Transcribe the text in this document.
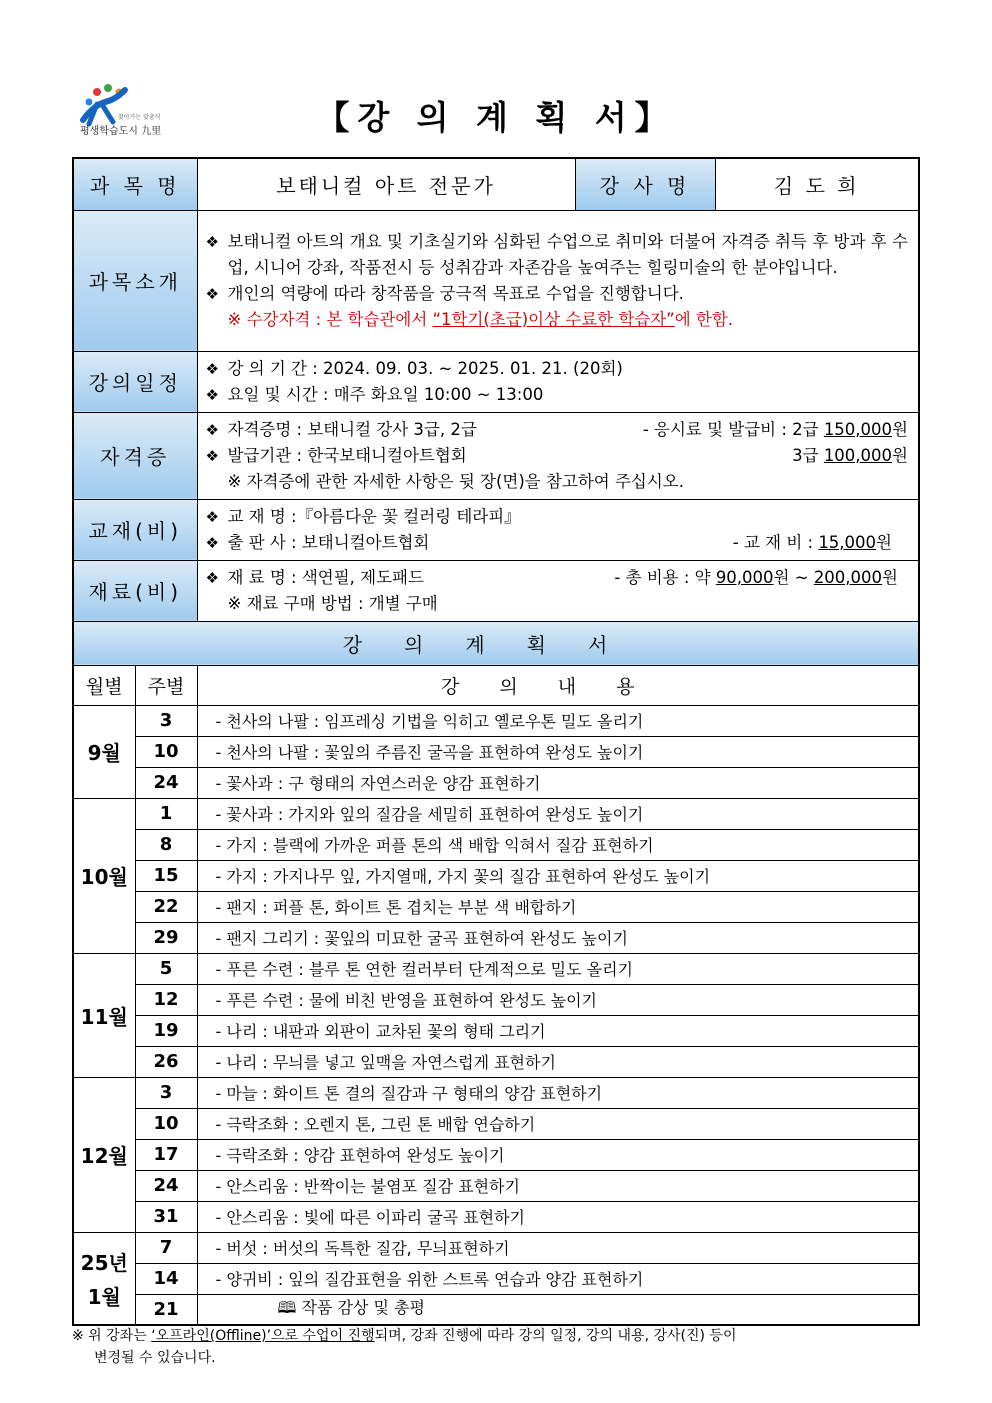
찾아가는 맞춤식
평생학습도시 九里	【강 의 계 획 서】
과 목 명		보태니컬 아트 전문가	강 사 명	김 도 희
과목소개		❖ 보태니컬 아트의 개요 및 기초실기와 심화된 수업으로 취미와 더불어 자격증 취득 후 방과 후 수업, 시니어 강좌, 작품전시 등 성취감과 자존감을 높여주는 힐링미술의 한 분야입니다.
❖ 개인의 역량에 따라 창작품을 궁극적 목표로 수업을 진행합니다.
※ 수강자격 : 본 학습관에서 “1학기(초급)이상 수료한 학습자”에 한함.

강의일정		❖ 강 의 기 간 : 2024. 09. 03. ~ 2025. 01. 21. (20회)
❖ 요일 및 시간 : 매주 화요일 10:00 ~ 13:00

자격증		❖ 자격증명 : 보태니컬 강사 3급, 2급 - 응시료 및 발급비 : 2급 150,000원
❖ 발급기관 : 한국보태니컬아트협회 3급 100,000원
※ 자격증에 관한 자세한 사항은 뒷 장(면)을 참고하여 주십시오.

교재(비)		❖ 교 재 명 :『아름다운 꽃 컬러링 테라피』
❖ 출 판 사 : 보태니컬아트협회 - 교 재 비 : 15,000원

재료(비)		❖ 재 료 명 : 색연필, 제도패드 - 총 비용 : 약 90,000원 ~ 200,000원
※ 재료 구매 방법 : 개별 구매

강의계획서				
월별	주별	강의내용		
9월	3	- 천사의 나팔 : 임프레싱 기법을 익히고 옐로우톤 밀도 올리기		
	10	- 천사의 나팔 : 꽃잎의 주름진 굴곡을 표현하여 완성도 높이기		
	24	- 꽃사과 : 구 형태의 자연스러운 양감 표현하기		
10월	1	- 꽃사과 : 가지와 잎의 질감을 세밀히 표현하여 완성도 높이기		
	8	- 가지 : 블랙에 가까운 퍼플 톤의 색 배합 익혀서 질감 표현하기		
	15	- 가지 : 가지나무 잎, 가지열매, 가지 꽃의 질감 표현하여 완성도 높이기		
	22	- 팬지 : 퍼플 톤, 화이트 톤 겹치는 부분 색 배합하기		
	29	- 팬지 그리기 : 꽃잎의 미묘한 굴곡 표현하여 완성도 높이기		
11월	5	- 푸른 수련 : 블루 톤 연한 컬러부터 단계적으로 밀도 올리기		
	12	- 푸른 수련 : 물에 비친 반영을 표현하여 완성도 높이기		
	19	- 나리 : 내판과 외판이 교차된 꽃의 형태 그리기		
	26	- 나리 : 무늬를 넣고 잎맥을 자연스럽게 표현하기		
12월	3	- 마늘 : 화이트 톤 결의 질감과 구 형태의 양감 표현하기		
	10	- 극락조화 : 오렌지 톤, 그린 톤 배합 연습하기		
	17	- 극락조화 : 양감 표현하여 완성도 높이기		
	24	- 안스리움 : 반짝이는 불염포 질감 표현하기		
	31	- 안스리움 : 빛에 따른 이파리 굴곡 표현하기		
25년 1월	7	- 버섯 : 버섯의 독특한 질감, 무늬표현하기		
	14	- 양귀비 : 잎의 질감표현을 위한 스트록 연습과 양감 표현하기		
	21	🕮 작품 감상 및 총평		
※ 위 강좌는 ‘오프라인(Offline)’으로 수업이 진행되며, 강좌 진행에 따라 강의 일정, 강의 내용, 강사(진) 등이
변경될 수 있습니다.
